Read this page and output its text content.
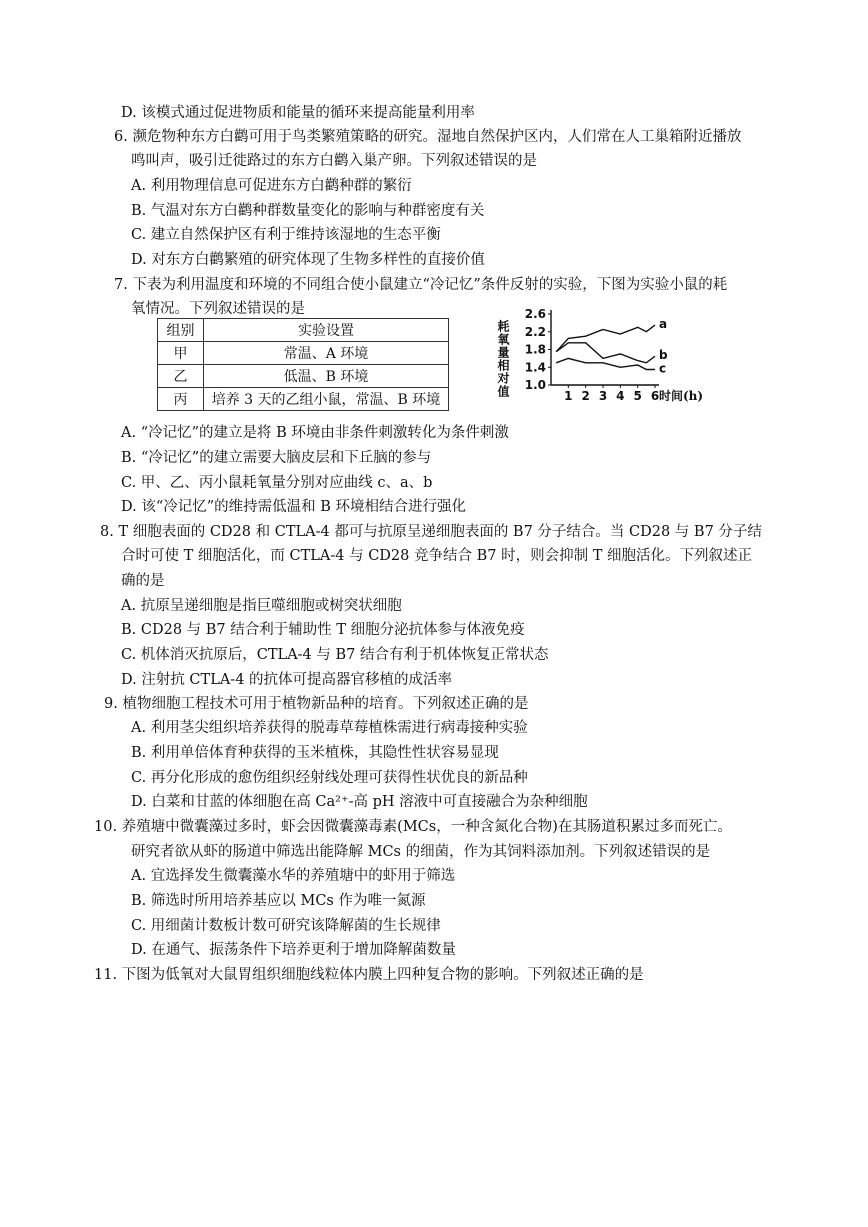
D. 该模式通过促进物质和能量的循环来提高能量利用率
6. 濒危物种东方白鹳可用于鸟类繁殖策略的研究。湿地自然保护区内，人们常在人工巢箱附近播放
鸣叫声，吸引迁徙路过的东方白鹳入巢产卵。下列叙述错误的是
A. 利用物理信息可促进东方白鹳种群的繁衍
B. 气温对东方白鹳种群数量变化的影响与种群密度有关
C. 建立自然保护区有利于维持该湿地的生态平衡
D. 对东方白鹳繁殖的研究体现了生物多样性的直接价值
7. 下表为利用温度和环境的不同组合使小鼠建立“冷记忆”条件反射的实验，下图为实验小鼠的耗
氧情况。下列叙述错误的是
组别	实验设置
甲	常温、A 环境
乙	低温、B 环境
丙	培养 3 天的乙组小鼠，常温、B 环境
1.0
1.4
1.8
2.2
2.6
1 2 3 4 5 6 时间(h)
耗氧量相对值	a
b
c
A. “冷记忆”的建立是将 B 环境由非条件刺激转化为条件刺激
B. “冷记忆”的建立需要大脑皮层和下丘脑的参与
C. 甲、乙、丙小鼠耗氧量分别对应曲线 c、a、b
D. 该“冷记忆”的维持需低温和 B 环境相结合进行强化
8. T 细胞表面的 CD28 和 CTLA-4 都可与抗原呈递细胞表面的 B7 分子结合。当 CD28 与 B7 分子结
合时可使 T 细胞活化，而 CTLA-4 与 CD28 竞争结合 B7 时，则会抑制 T 细胞活化。下列叙述正
确的是
A. 抗原呈递细胞是指巨噬细胞或树突状细胞
B. CD28 与 B7 结合利于辅助性 T 细胞分泌抗体参与体液免疫
C. 机体消灭抗原后，CTLA-4 与 B7 结合有利于机体恢复正常状态
D. 注射抗 CTLA-4 的抗体可提高器官移植的成活率
9. 植物细胞工程技术可用于植物新品种的培育。下列叙述正确的是
A. 利用茎尖组织培养获得的脱毒草莓植株需进行病毒接种实验
B. 利用单倍体育种获得的玉米植株，其隐性性状容易显现
C. 再分化形成的愈伤组织经射线处理可获得性状优良的新品种
D. 白菜和甘蓝的体细胞在高 Ca²⁺-高 pH 溶液中可直接融合为杂种细胞
10. 养殖塘中微囊藻过多时，虾会因微囊藻毒素(MCs，一种含氮化合物)在其肠道积累过多而死亡。
研究者欲从虾的肠道中筛选出能降解 MCs 的细菌，作为其饲料添加剂。下列叙述错误的是
A. 宜选择发生微囊藻水华的养殖塘中的虾用于筛选
B. 筛选时所用培养基应以 MCs 作为唯一氮源
C. 用细菌计数板计数可研究该降解菌的生长规律
D. 在通气、振荡条件下培养更利于增加降解菌数量
11. 下图为低氧对大鼠胃组织细胞线粒体内膜上四种复合物的影响。下列叙述正确的是
